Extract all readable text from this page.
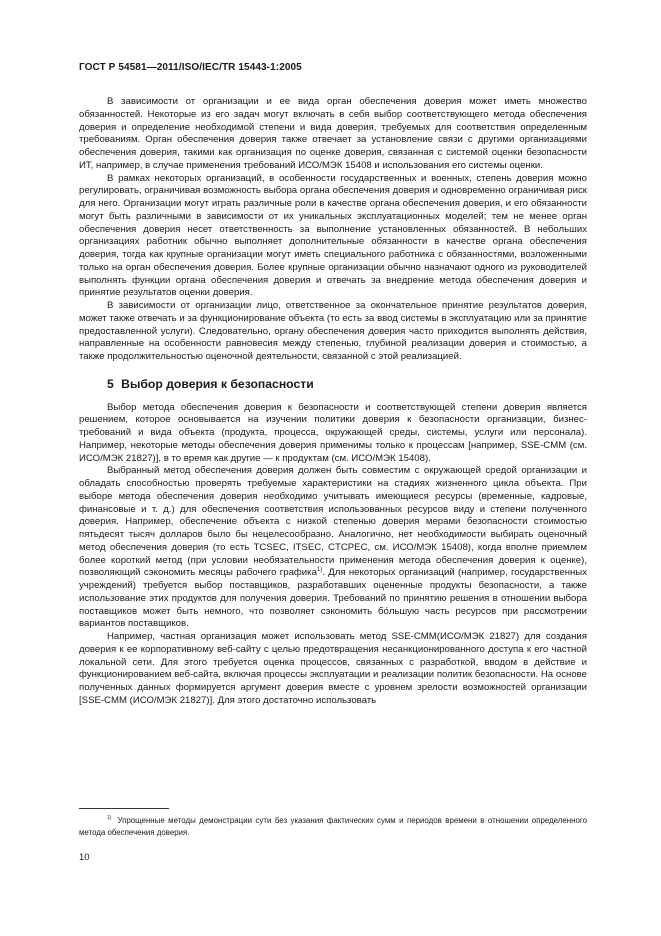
ГОСТ Р 54581—2011/ISO/IEC/TR 15443-1:2005

В зависимости от организации и ее вида орган обеспечения доверия может иметь множество обязанностей. Некоторые из его задач могут включать в себя выбор соответствующего метода обеспечения доверия и определение необходимой степени и вида доверия, требуемых для соответствия определенным требованиям. Орган обеспечения доверия также отвечает за установление связи с другими организациями обеспечения доверия, такими как организация по оценке доверия, связанная с системой оценки безопасности ИТ, например, в случае применения требований ИСО/МЭК 15408 и использования его системы оценки.

В рамках некоторых организаций, в особенности государственных и военных, степень доверия можно регулировать, ограничивая возможность выбора органа обеспечения доверия и одновременно ограничивая риск для него. Организации могут играть различные роли в качестве органа обеспечения доверия, и его обязанности могут быть различными в зависимости от их уникальных эксплуатационных моделей; тем не менее орган обеспечения доверия несет ответственность за выполнение установленных обязанностей. В небольших организациях работник обычно выполняет дополнительные обязанности в качестве органа обеспечения доверия, тогда как крупные организации могут иметь специального работника с обязанностями, возложенными только на орган обеспечения доверия. Более крупные организации обычно назначают одного из руководителей выполнять функции органа обеспечения доверия и отвечать за внедрение метода обеспечения доверия и принятие результатов оценки доверия.

В зависимости от организации лицо, ответственное за окончательное принятие результатов доверия, может также отвечать и за функционирование объекта (то есть за ввод системы в эксплуатацию или за принятие предоставленной услуги). Следовательно, органу обеспечения доверия часто приходится выполнять действия, направленные на особенности равновесия между степенью, глубиной реализации доверия и стоимостью, а также продолжительностью оценочной деятельности, связанной с этой реализацией.

5 Выбор доверия к безопасности

Выбор метода обеспечения доверия к безопасности и соответствующей степени доверия является решением, которое основывается на изучении политики доверия к безопасности организации, бизнес-требований и вида объекта (продукта, процесса, окружающей среды, системы, услуги или персонала). Например, некоторые методы обеспечения доверия применимы только к процессам [например, SSE-CMM (см. ИСО/МЭК 21827)], в то время как другие — к продуктам (см. ИСО/МЭК 15408).

Выбранный метод обеспечения доверия должен быть совместим с окружающей средой организации и обладать способностью проверять требуемые характеристики на стадиях жизненного цикла объекта. При выборе метода обеспечения доверия необходимо учитывать имеющиеся ресурсы (временные, кадровые, финансовые и т. д.) для обеспечения соответствия использованных ресурсов виду и степени полученного доверия. Например, обеспечение объекта с низкой степенью доверия мерами безопасности стоимостью пятьдесят тысяч долларов было бы нецелесообразно. Аналогично, нет необходимости выбирать оценочный метод обеспечения доверия (то есть TCSEC, ITSEC, CTCPEC, см. ИСО/МЭК 15408), когда вполне приемлем более короткий метод (при условии необязательности применения метода обеспечения доверия к оценке), позволяющий сэкономить месяцы рабочего графика$^{1)}$. Для некоторых организаций (например, государственных учреждений) требуется выбор поставщиков, разработавших оцененные продукты безопасности, а также использование этих продуктов для получения доверия. Требований по принятию решения в отношении выбора поставщиков может быть немного, что позволяет сэкономить бо́льшую часть ресурсов при рассмотрении вариантов поставщиков.

Например, частная организация может использовать метод SSE-CMM(ИСО/МЭК 21827) для создания доверия к ее корпоративному веб-сайту с целью предотвращения несанкционированного доступа к его частной локальной сети. Для этого требуется оценка процессов, связанных с разработкой, вводом в действие и функционированием веб-сайта, включая процессы эксплуатации и реализации политик безопасности. На основе полученных данных формируется аргумент доверия вместе с уровнем зрелости возможностей организации [SSE-CMM (ИСО/МЭК 21827)]. Для этого достаточно использовать

$^{1)}$ Упрощенные методы демонстрации сути без указания фактических сумм и периодов времени в отношении определенного метода обеспечения доверия.
10
